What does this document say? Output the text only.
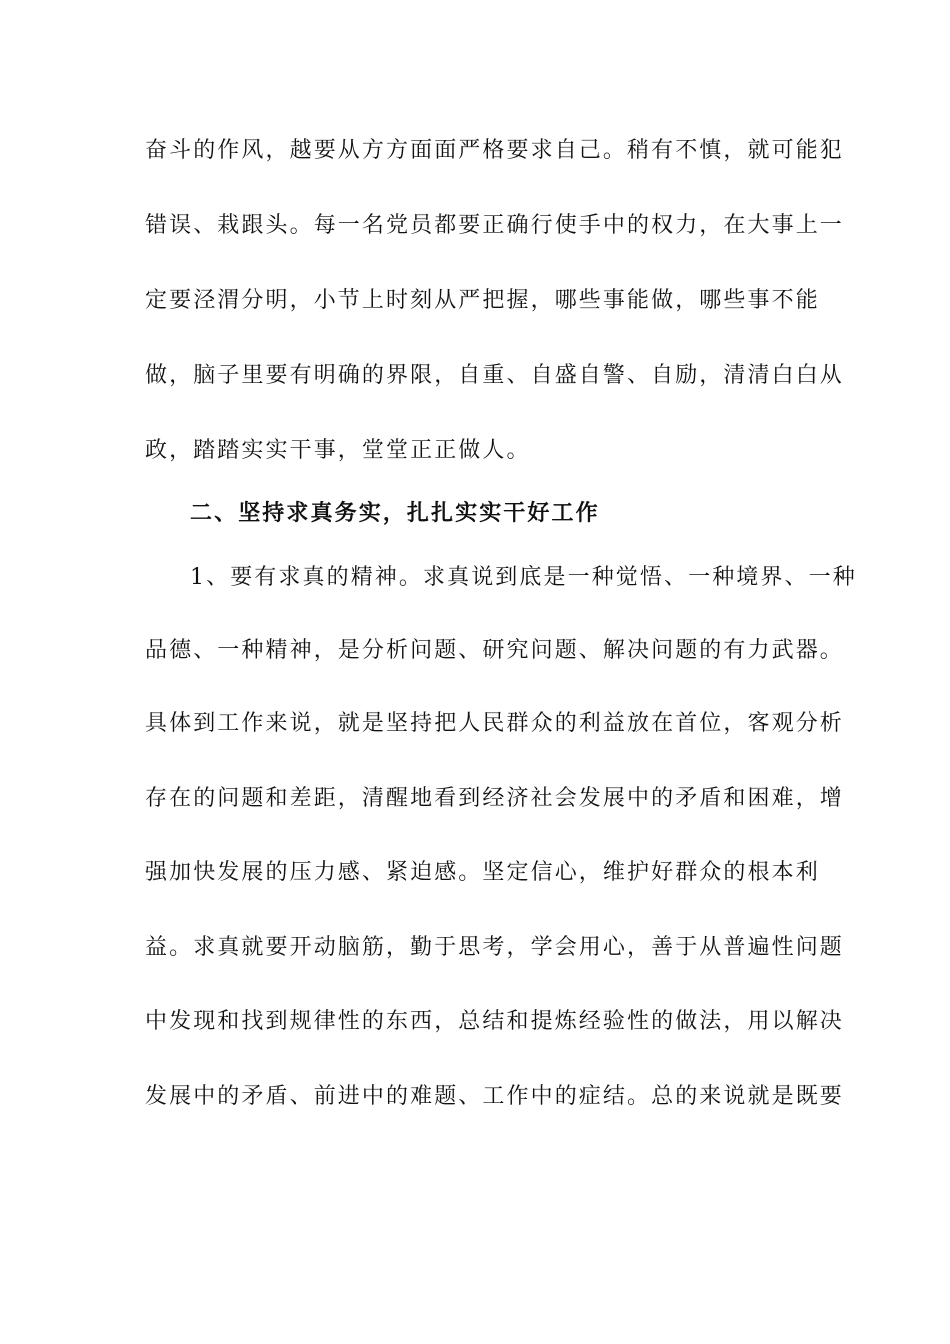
奋斗的作风，越要从方方面面严格要求自己。稍有不慎，就可能犯

错误、栽跟头。每一名党员都要正确行使手中的权力，在大事上一

定要泾渭分明，小节上时刻从严把握，哪些事能做，哪些事不能

做，脑子里要有明确的界限，自重、自盛自警、自励，清清白白从

政，踏踏实实干事，堂堂正正做人。

二、坚持求真务实，扎扎实实干好工作

1、要有求真的精神。求真说到底是一种觉悟、一种境界、一种

品德、一种精神，是分析问题、研究问题、解决问题的有力武器。

具体到工作来说，就是坚持把人民群众的利益放在首位，客观分析

存在的问题和差距，清醒地看到经济社会发展中的矛盾和困难，增

强加快发展的压力感、紧迫感。坚定信心，维护好群众的根本利

益。求真就要开动脑筋，勤于思考，学会用心，善于从普遍性问题

中发现和找到规律性的东西，总结和提炼经验性的做法，用以解决

发展中的矛盾、前进中的难题、工作中的症结。总的来说就是既要
